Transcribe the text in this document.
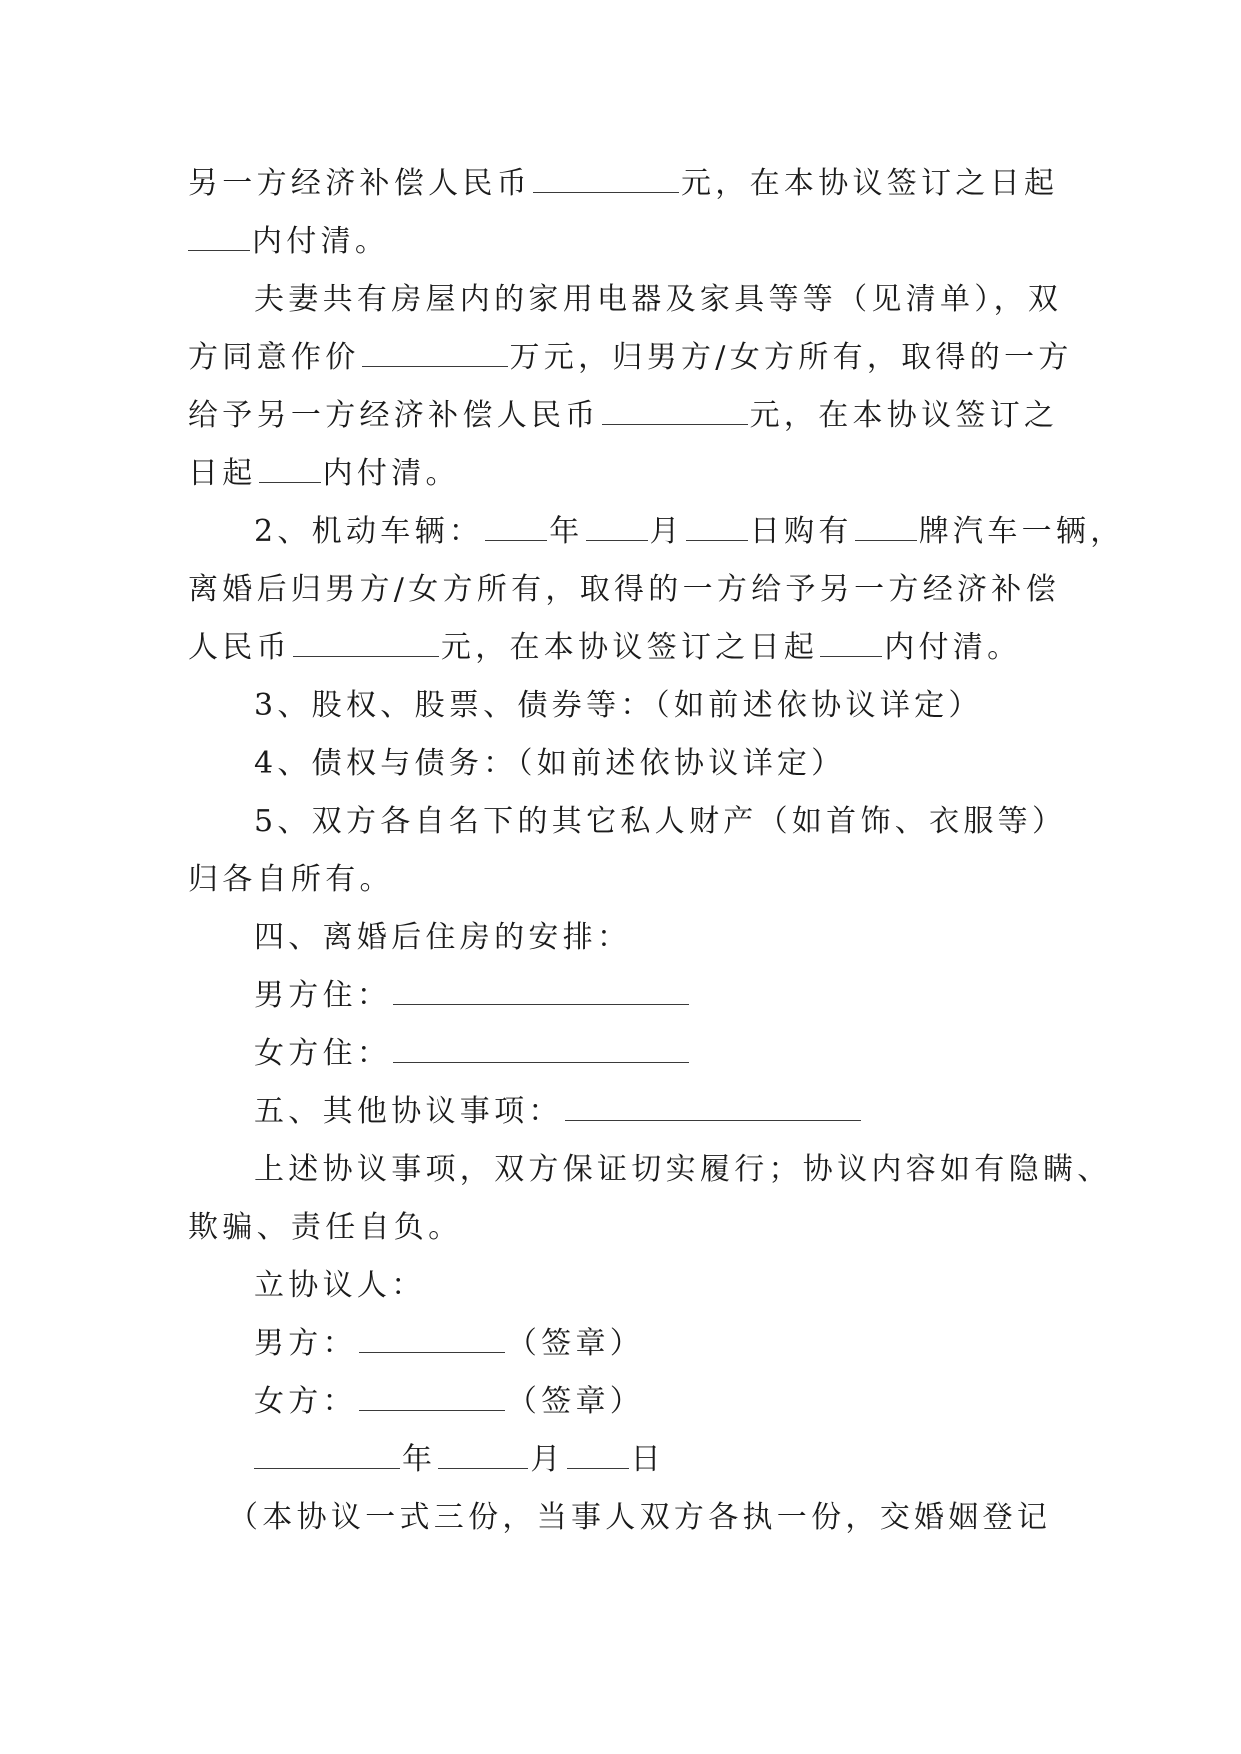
另一方经济补偿人民币	元，在本协议签订之日起
内付清。
夫妻共有房屋内的家用电器及家具等等（见清单），双
方同意作价	万元，归男方/女方所有，取得的一方
给予另一方经济补偿人民币	元，在本协议签订之
日起 内付清。
2、机动车辆： 年 月 日购有 牌汽车一辆，
离婚后归男方/女方所有，取得的一方给予另一方经济补偿
人民币	元，在本协议签订之日起 内付清。
3、股权、股票、债券等：（如前述依协议详定）
4、债权与债务：（如前述依协议详定）
5、双方各自名下的其它私人财产（如首饰、衣服等）
归各自所有。
四、离婚后住房的安排：
男方住：
女方住：
五、其他协议事项：
上述协议事项，双方保证切实履行；协议内容如有隐瞒、
欺骗、责任自负。
立协议人：
男方：	（签章）
女方：	（签章）
年	月 日
（本协议一式三份，当事人双方各执一份，交婚姻登记
